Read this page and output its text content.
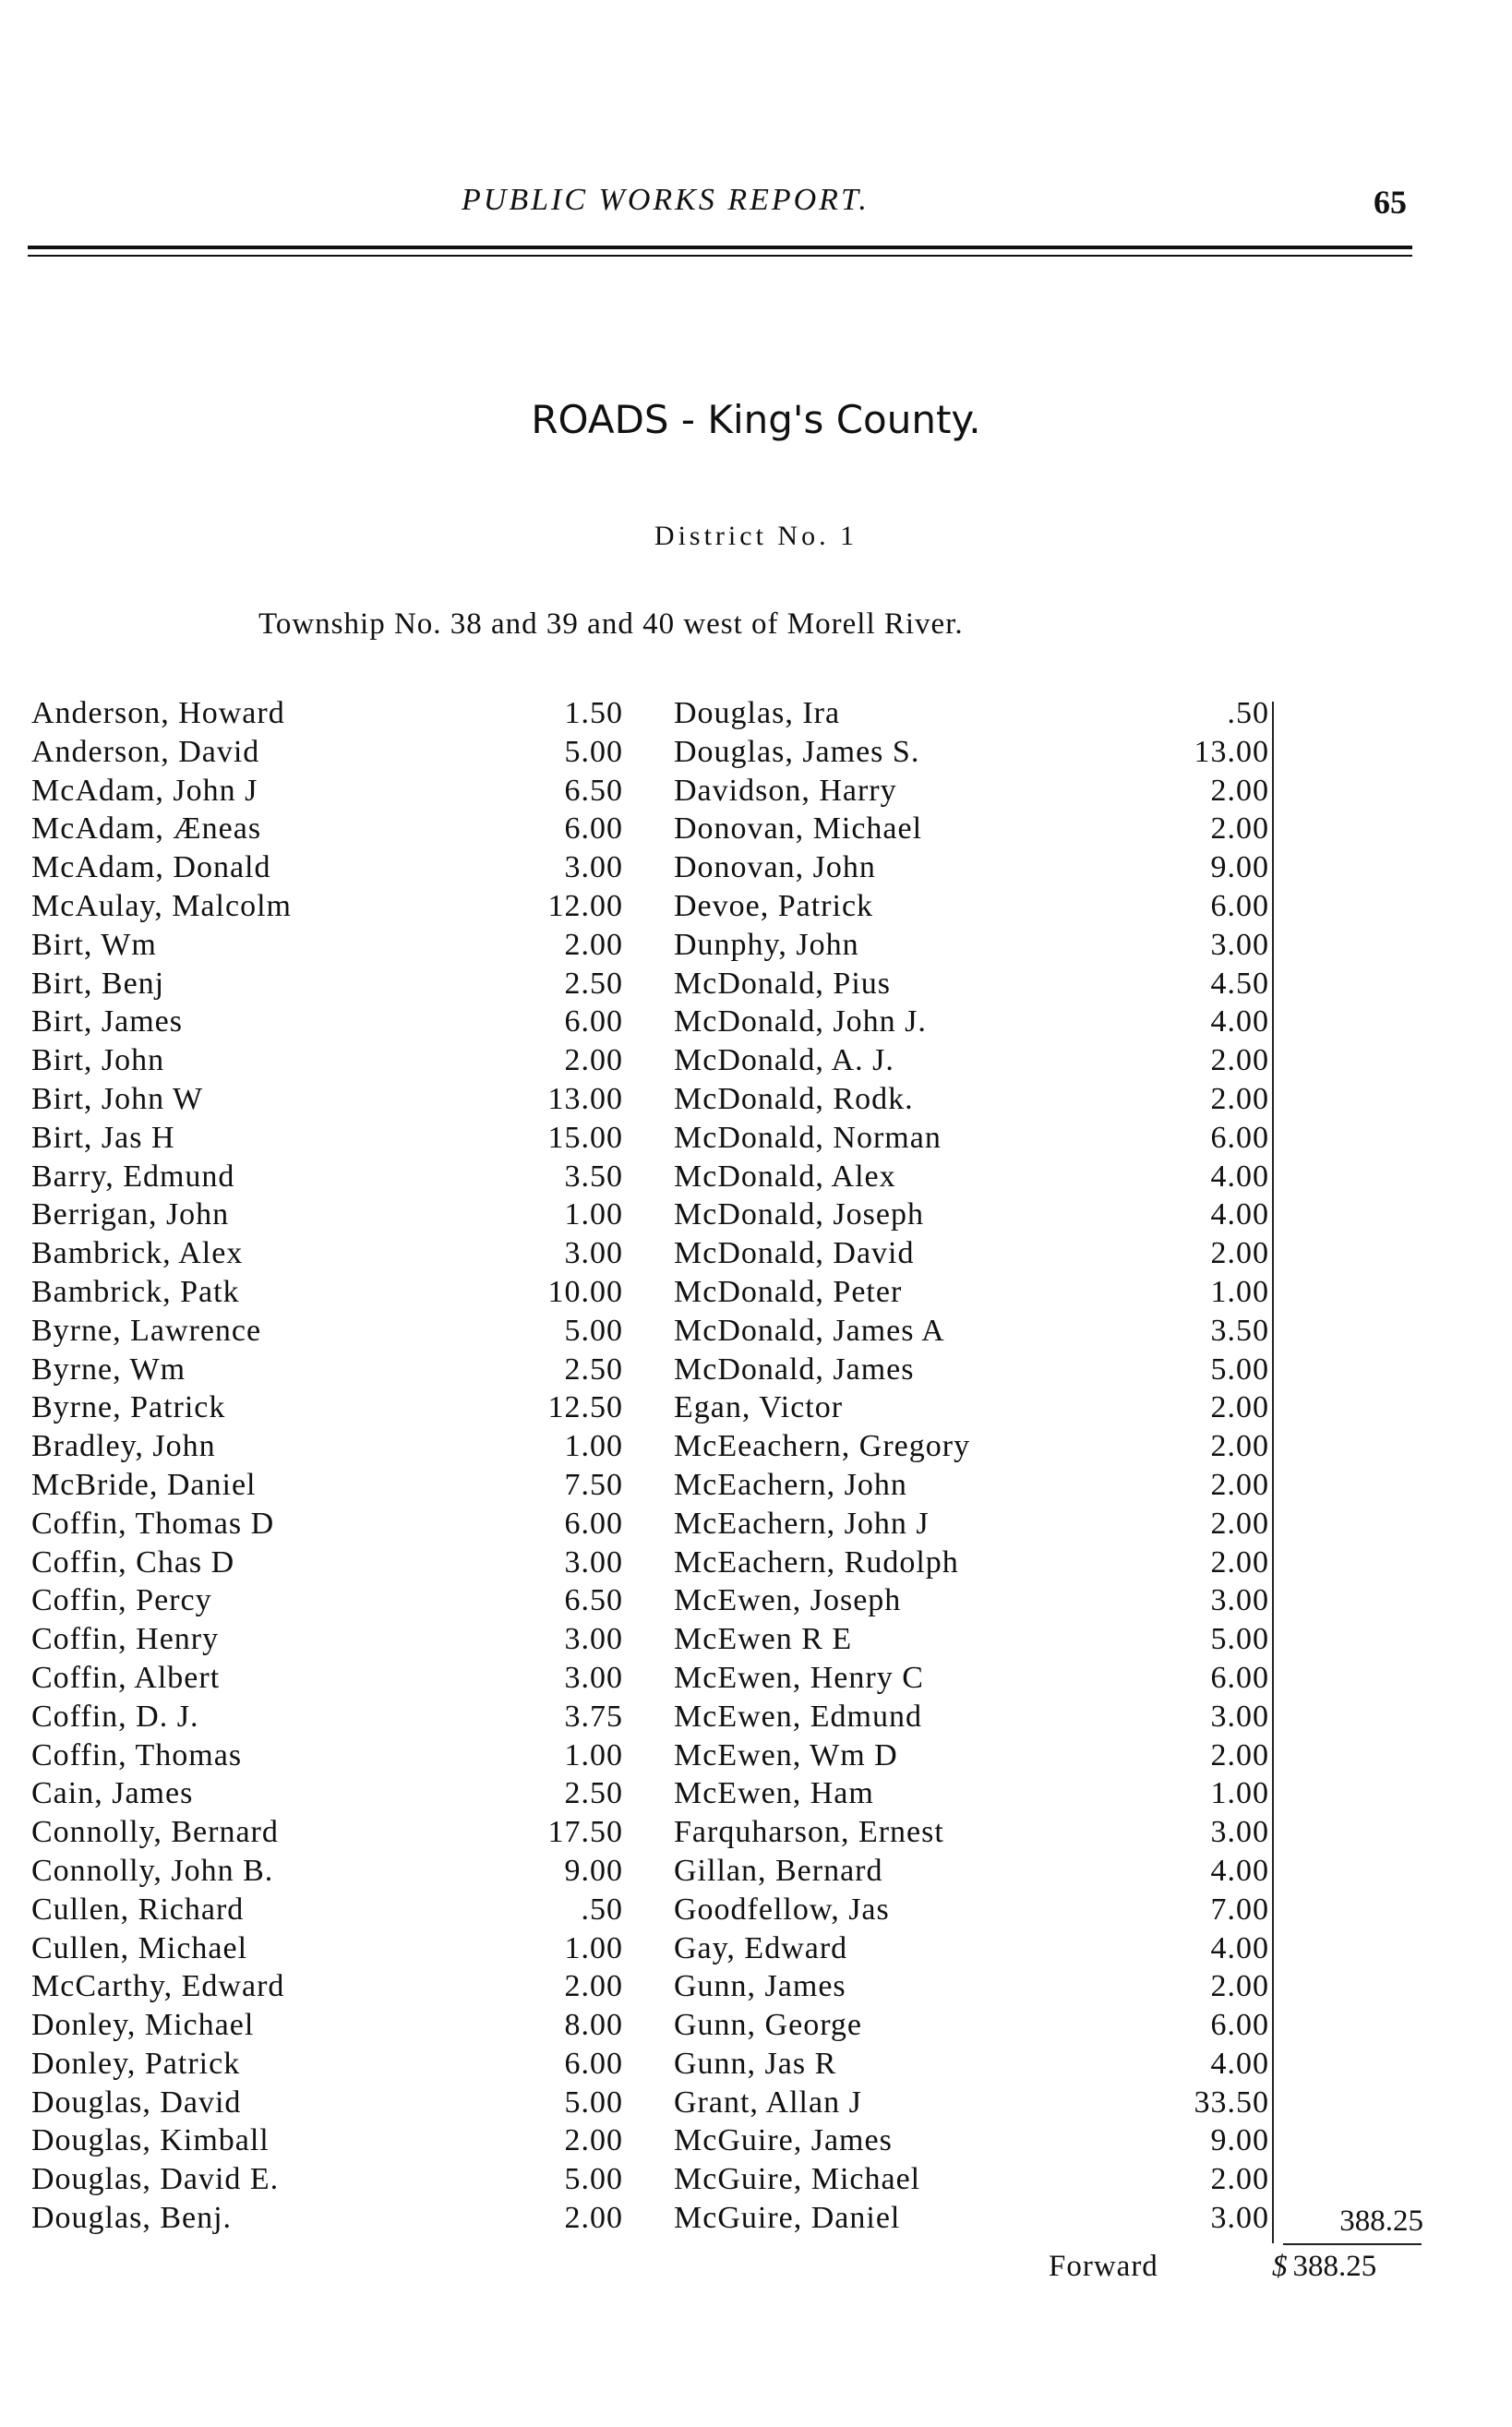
PUBLIC WORKS REPORT.	65
ROADS - King's County.
District No. 1
Township No. 38 and 39 and 40 west of Morell River.
Anderson, Howard	1.50 Douglas, Ira	.50
Anderson, David	5.00 Douglas, James S.	13.00
McAdam, John J	6.50 Davidson, Harry	2.00
McAdam, Æneas	6.00 Donovan, Michael	2.00
McAdam, Donald	3.00 Donovan, John	9.00
McAulay, Malcolm	12.00 Devoe, Patrick	6.00
Birt, Wm	2.00 Dunphy, John	3.00
Birt, Benj	2.50 McDonald, Pius	4.50
Birt, James	6.00 McDonald, John J.	4.00
Birt, John	2.00 McDonald, A. J.	2.00
Birt, John W	13.00 McDonald, Rodk.	2.00
Birt, Jas H	15.00 McDonald, Norman	6.00
Barry, Edmund	3.50 McDonald, Alex	4.00
Berrigan, John	1.00 McDonald, Joseph	4.00
Bambrick, Alex	3.00 McDonald, David	2.00
Bambrick, Patk	10.00 McDonald, Peter	1.00
Byrne, Lawrence	5.00 McDonald, James A	3.50
Byrne, Wm	2.50 McDonald, James	5.00
Byrne, Patrick	12.50 Egan, Victor	2.00
Bradley, John	1.00 McEeachern, Gregory	2.00
McBride, Daniel	7.50 McEachern, John	2.00
Coffin, Thomas D	6.00 McEachern, John J	2.00
Coffin, Chas D	3.00 McEachern, Rudolph	2.00
Coffin, Percy	6.50 McEwen, Joseph	3.00
Coffin, Henry	3.00 McEwen R E	5.00
Coffin, Albert	3.00 McEwen, Henry C	6.00
Coffin, D. J.	3.75 McEwen, Edmund	3.00
Coffin, Thomas	1.00 McEwen, Wm D	2.00
Cain, James	2.50 McEwen, Ham	1.00
Connolly, Bernard	17.50 Farquharson, Ernest	3.00
Connolly, John B.	9.00 Gillan, Bernard	4.00
Cullen, Richard	.50 Goodfellow, Jas	7.00
Cullen, Michael	1.00 Gay, Edward	4.00
McCarthy, Edward	2.00 Gunn, James	2.00
Donley, Michael	8.00 Gunn, George	6.00
Donley, Patrick	6.00 Gunn, Jas R	4.00
Douglas, David	5.00 Grant, Allan J	33.50
Douglas, Kimball	2.00 McGuire, James	9.00
Douglas, David E.	5.00 McGuire, Michael	2.00
Douglas, Benj.	2.00 McGuire, Daniel	3.00 388.25
Forward	$ 388.25
